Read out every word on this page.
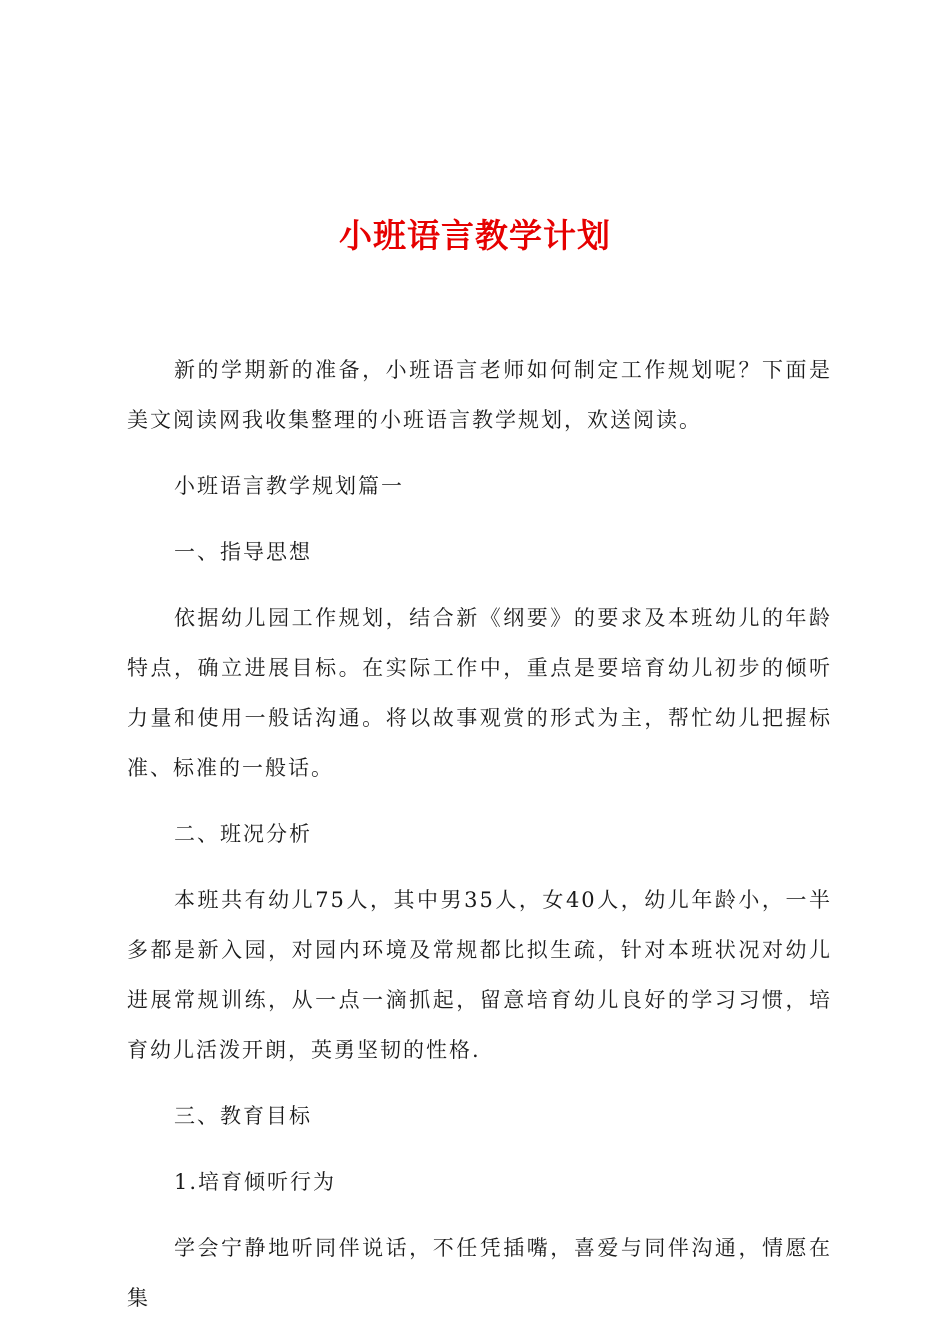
小班语言教学计划

新的学期新的准备，小班语言老师如何制定工作规划呢？下面是美文阅读网我收集整理的小班语言教学规划，欢送阅读。

小班语言教学规划篇一

一、指导思想

依据幼儿园工作规划，结合新《纲要》的要求及本班幼儿的年龄特点，确立进展目标。在实际工作中，重点是要培育幼儿初步的倾听力量和使用一般话沟通。将以故事观赏的形式为主，帮忙幼儿把握标准、标准的一般话。

二、班况分析

本班共有幼儿75人，其中男35人，女40人，幼儿年龄小，一半多都是新入园，对园内环境及常规都比拟生疏，针对本班状况对幼儿进展常规训练，从一点一滴抓起，留意培育幼儿良好的学习习惯，培育幼儿活泼开朗，英勇坚韧的性格.

三、教育目标

1.培育倾听行为

学会宁静地听同伴说话，不任凭插嘴，喜爱与同伴沟通，情愿在集
